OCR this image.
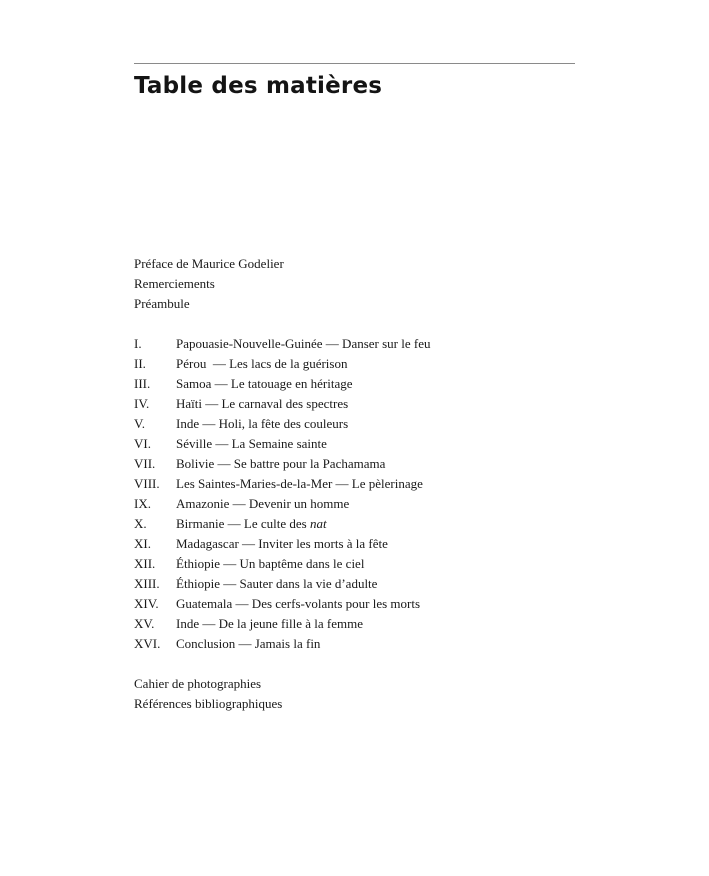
Table des matières
Préface de Maurice Godelier
Remerciements
Préambule
I.	Papouasie-Nouvelle-Guinée — Danser sur le feu
II.	Pérou  — Les lacs de la guérison
III.	Samoa — Le tatouage en héritage
IV.	Haïti — Le carnaval des spectres
V.	Inde — Holi, la fête des couleurs
VI.	Séville — La Semaine sainte
VII.	Bolivie — Se battre pour la Pachamama
VIII.	Les Saintes-Maries-de-la-Mer — Le pèlerinage
IX.	Amazonie — Devenir un homme
X.	Birmanie — Le culte des nat
XI.	Madagascar — Inviter les morts à la fête
XII.	Éthiopie — Un baptême dans le ciel
XIII.	Éthiopie — Sauter dans la vie d’adulte
XIV.	Guatemala — Des cerfs-volants pour les morts
XV.	Inde — De la jeune fille à la femme
XVI.	Conclusion — Jamais la fin
Cahier de photographies
Références bibliographiques
